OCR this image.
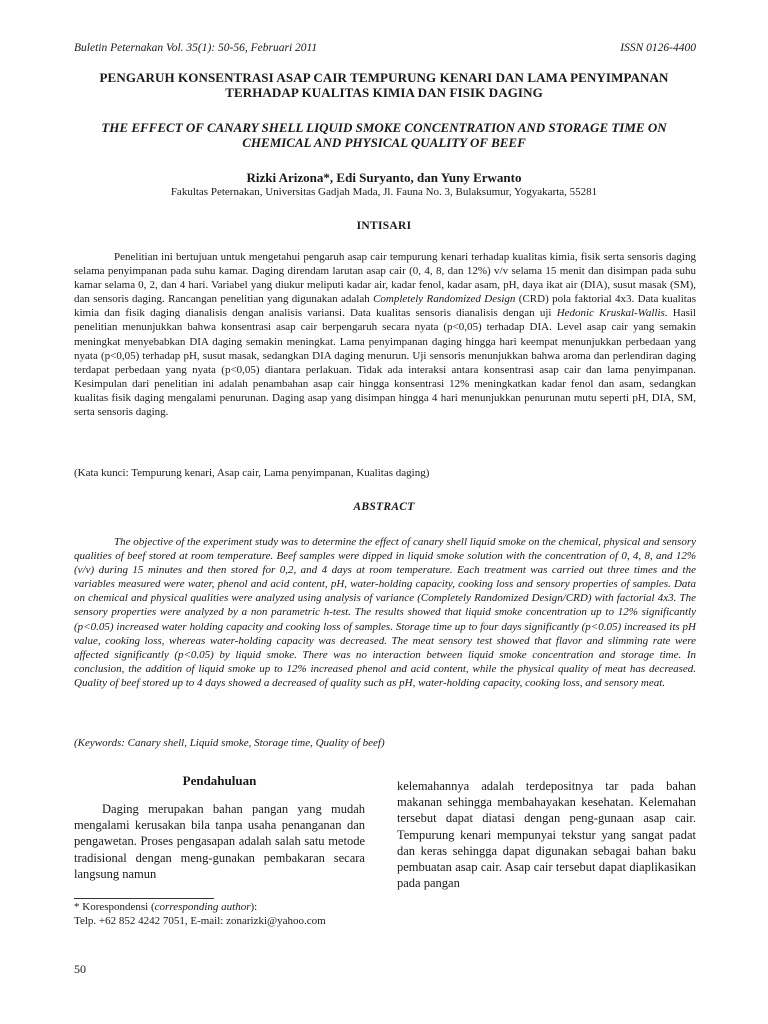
Buletin Peternakan Vol. 35(1): 50-56, Februari 2011	ISSN 0126-4400
PENGARUH KONSENTRASI ASAP CAIR TEMPURUNG KENARI DAN LAMA PENYIMPANAN TERHADAP KUALITAS KIMIA DAN FISIK DAGING
THE EFFECT OF CANARY SHELL LIQUID SMOKE CONCENTRATION AND STORAGE TIME ON CHEMICAL AND PHYSICAL QUALITY OF BEEF
Rizki Arizona*, Edi Suryanto, dan Yuny Erwanto
Fakultas Peternakan, Universitas Gadjah Mada, Jl. Fauna No. 3, Bulaksumur, Yogyakarta, 55281
INTISARI

Penelitian ini bertujuan untuk mengetahui pengaruh asap cair tempurung kenari terhadap kualitas kimia, fisik serta sensoris daging selama penyimpanan pada suhu kamar. Daging direndam larutan asap cair (0, 4, 8, dan 12%) v/v selama 15 menit dan disimpan pada suhu kamar selama 0, 2, dan 4 hari. Variabel yang diukur meliputi kadar air, kadar fenol, kadar asam, pH, daya ikat air (DIA), susut masak (SM), dan sensoris daging. Rancangan penelitian yang digunakan adalah Completely Randomized Design (CRD) pola faktorial 4x3. Data kualitas kimia dan fisik daging dianalisis dengan analisis variansi. Data kualitas sensoris dianalisis dengan uji Hedonic Kruskal-Wallis. Hasil penelitian menunjukkan bahwa konsentrasi asap cair berpengaruh secara nyata (p<0,05) terhadap DIA. Level asap cair yang semakin meningkat menyebabkan DIA daging semakin meningkat. Lama penyimpanan daging hingga hari keempat menunjukkan perbedaan yang nyata (p<0,05) terhadap pH, susut masak, sedangkan DIA daging menurun. Uji sensoris menunjukkan bahwa aroma dan perlendiran daging terdapat perbedaan yang nyata (p<0,05) diantara perlakuan. Tidak ada interaksi antara konsentrasi asap cair dan lama penyimpanan. Kesimpulan dari penelitian ini adalah penambahan asap cair hingga konsentrasi 12% meningkatkan kadar fenol dan asam, sedangkan kualitas fisik daging mengalami penurunan. Daging asap yang disimpan hingga 4 hari menunjukkan penurunan mutu seperti pH, DIA, SM, serta sensoris daging.

(Kata kunci: Tempurung kenari, Asap cair, Lama penyimpanan, Kualitas daging)

ABSTRACT

The objective of the experiment study was to determine the effect of canary shell liquid smoke on the chemical, physical and sensory qualities of beef stored at room temperature. Beef samples were dipped in liquid smoke solution with the concentration of 0, 4, 8, and 12% (v/v) during 15 minutes and then stored for 0,2, and 4 days at room temperature. Each treatment was carried out three times and the variables measured were water, phenol and acid content, pH, water-holding capacity, cooking loss and sensory properties of samples. Data on chemical and physical qualities were analyzed using analysis of variance (Completely Randomized Design/CRD) with factorial 4x3. The sensory properties were analyzed by a non parametric h-test. The results showed that liquid smoke concentration up to 12% significantly (p<0.05) increased water holding capacity and cooking loss of samples. Storage time up to four days significantly (p<0.05) increased its pH value, cooking loss, whereas water-holding capacity was decreased. The meat sensory test showed that flavor and slimming rate were affected significantly (p<0.05) by liquid smoke. There was no interaction between liquid smoke concentration and storage time. In conclusion, the addition of liquid smoke up to 12% increased phenol and acid content, while the physical quality of meat has decreased. Quality of beef stored up to 4 days showed a decreased of quality such as pH, water-holding capacity, cooking loss, and sensory meat.

(Keywords: Canary shell, Liquid smoke, Storage time, Quality of beef)

Pendahuluan

Daging merupakan bahan pangan yang mudah mengalami kerusakan bila tanpa usaha penanganan dan pengawetan. Proses pengasapan adalah salah satu metode tradisional dengan meng-gunakan pembakaran secara langsung namun

kelemahannya adalah terdepositnya tar pada bahan makanan sehingga membahayakan kesehatan. Kelemahan tersebut dapat diatasi dengan peng-gunaan asap cair. Tempurung kenari mempunyai tekstur yang sangat padat dan keras sehingga dapat digunakan sebagai bahan baku pembuatan asap cair. Asap cair tersebut dapat diaplikasikan pada pangan

* Korespondensi (corresponding author):
Telp. +62 852 4242 7051, E-mail: zonarizki@yahoo.com
50
